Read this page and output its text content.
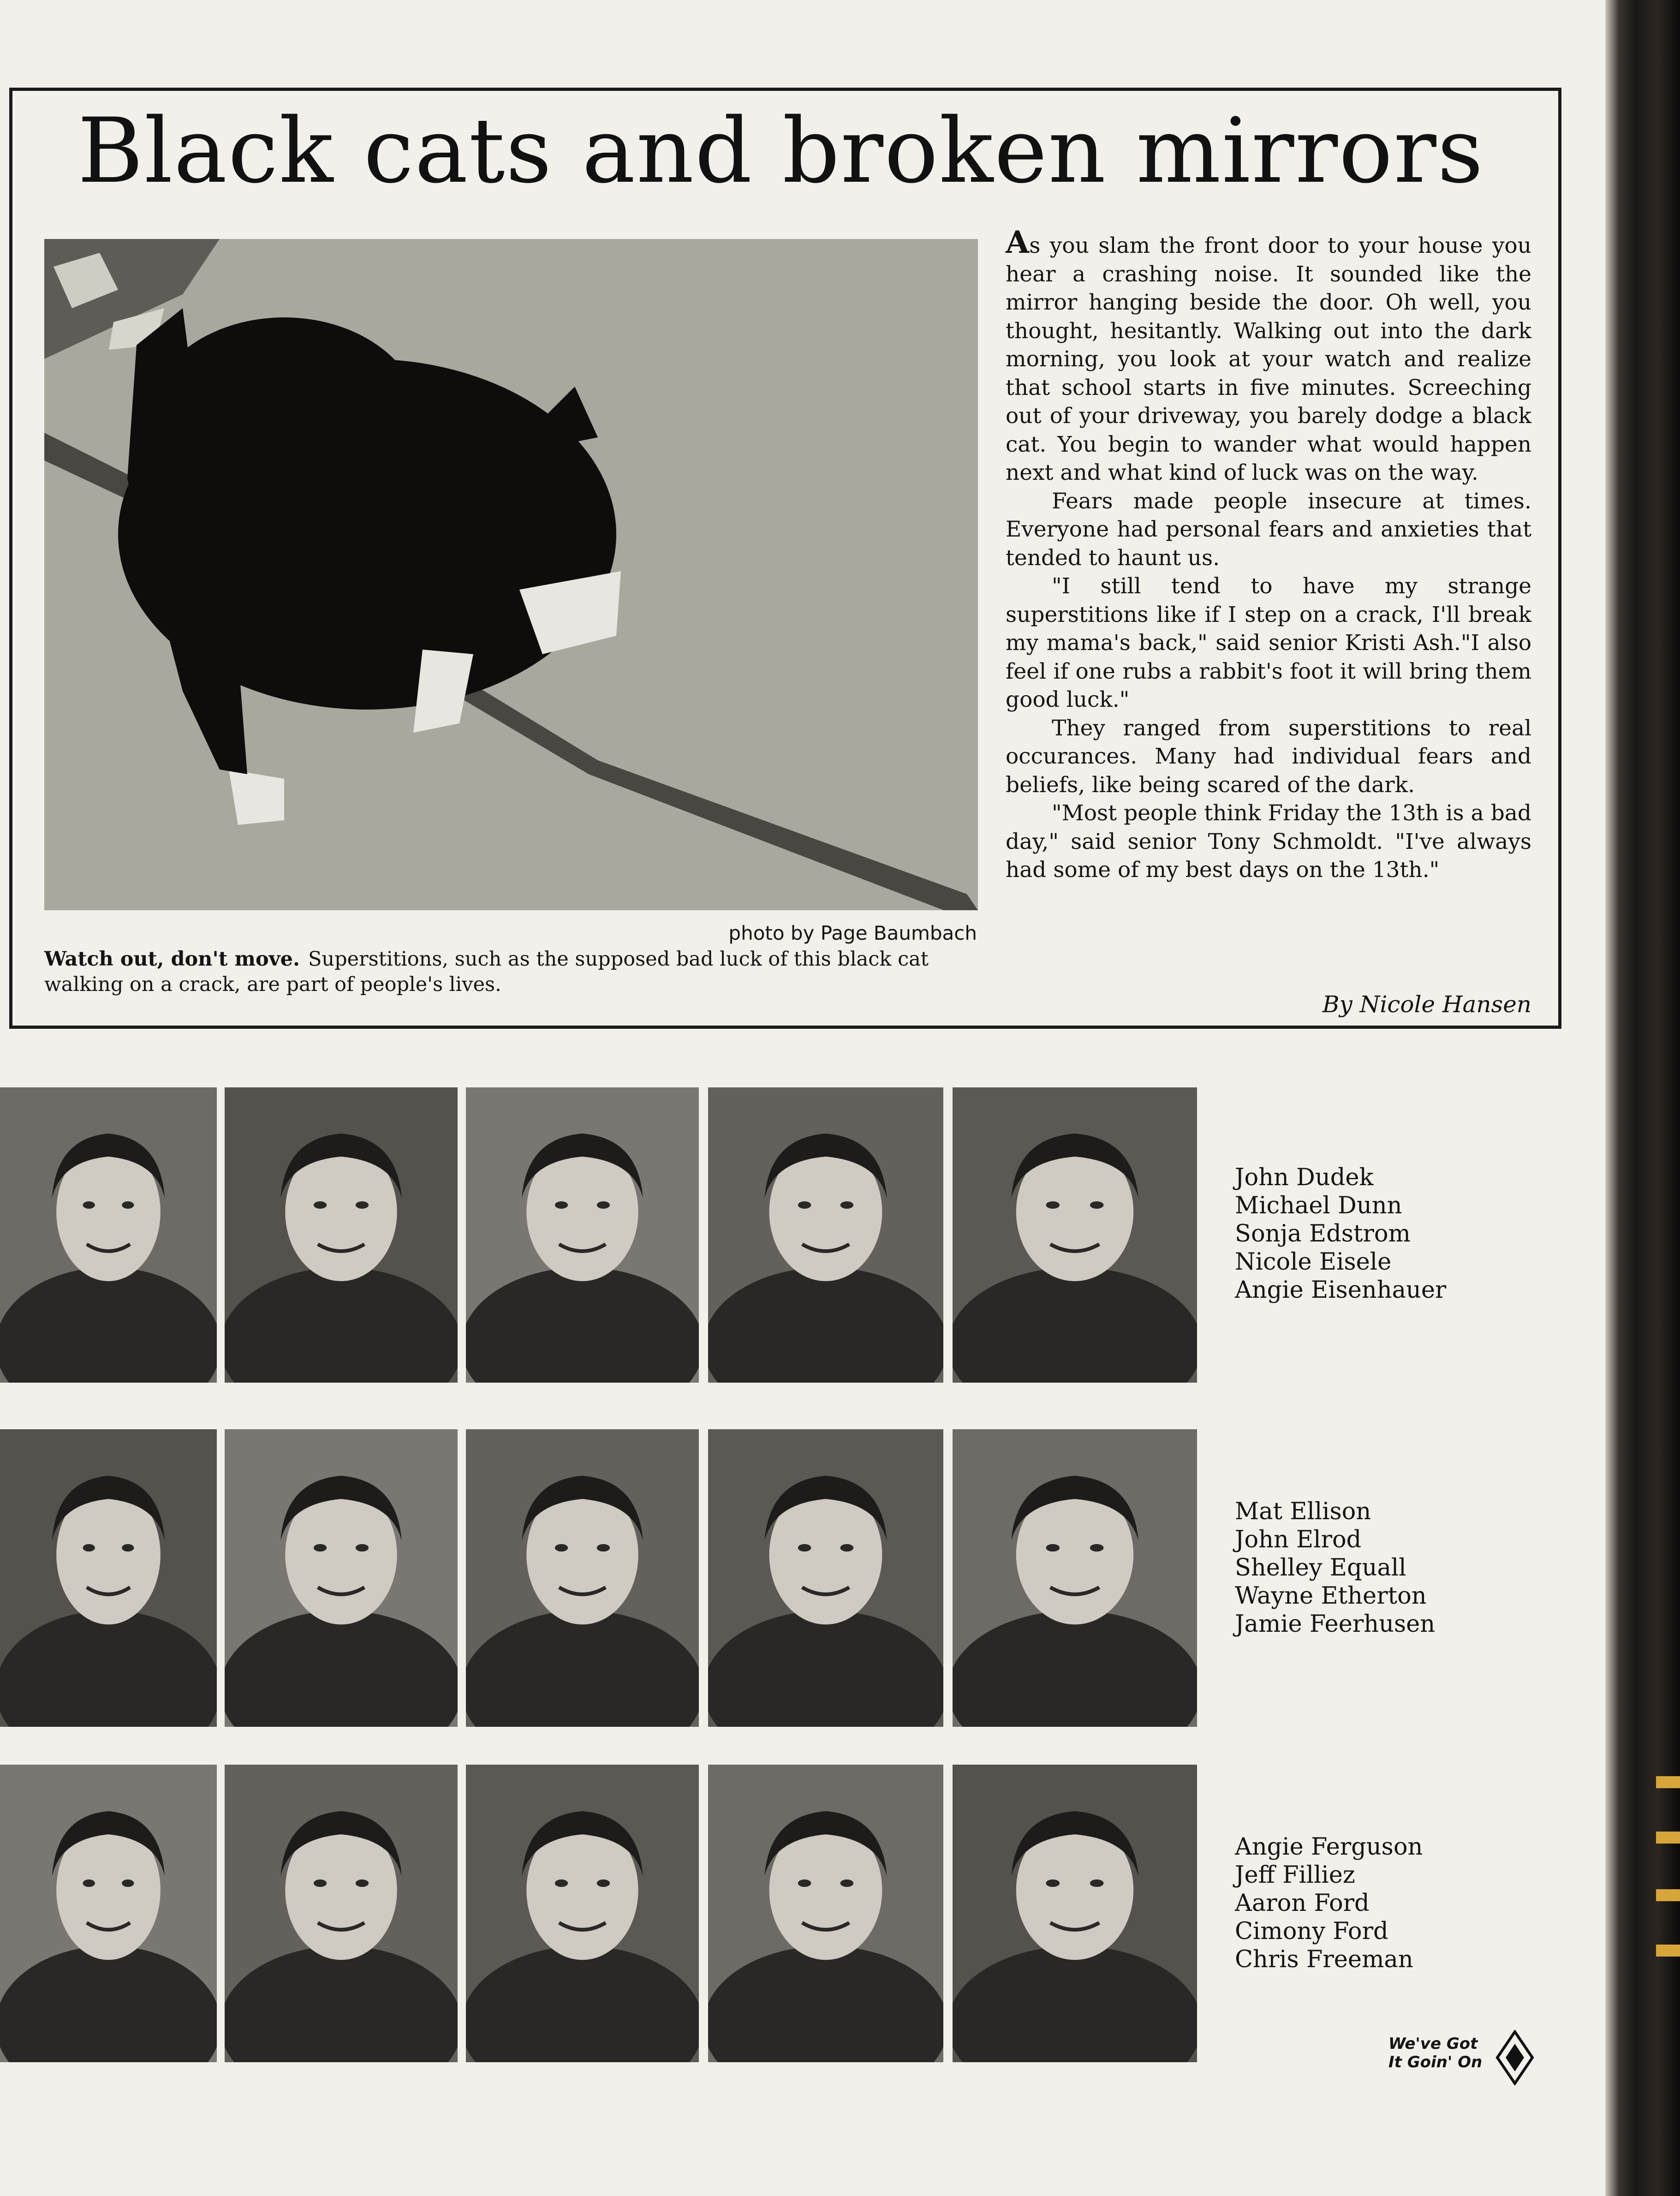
Black cats and broken mirrors
photo by Page Baumbach
Watch out, don't move. Superstitions, such as the supposed bad luck of this black cat walking on a crack, are part of people's lives.

As you slam the front door to your house you hear a crashing noise. It sounded like the mirror hanging beside the door. Oh well, you thought, hesitantly. Walking out into the dark morning, you look at your watch and realize that school starts in five minutes. Screeching out of your driveway, you barely dodge a black cat. You begin to wander what would happen next and what kind of luck was on the way.

Fears made people insecure at times. Everyone had personal fears and anxieties that tended to haunt us.

"I still tend to have my strange superstitions like if I step on a crack, I'll break my mama's back," said senior Kristi Ash."I also feel if one rubs a rabbit's foot it will bring them good luck."

They ranged from superstitions to real occurances. Many had individual fears and beliefs, like being scared of the dark.

"Most people think Friday the 13th is a bad day," said senior Tony Schmoldt. "I've always had some of my best days on the 13th."

By Nicole Hansen
John Dudek
Michael Dunn
Sonja Edstrom
Nicole Eisele
Angie Eisenhauer
Mat Ellison
John Elrod
Shelley Equall
Wayne Etherton
Jamie Feerhusen
Angie Ferguson
Jeff Filliez
Aaron Ford
Cimony Ford
Chris Freeman
We've Got
It Goin' On
